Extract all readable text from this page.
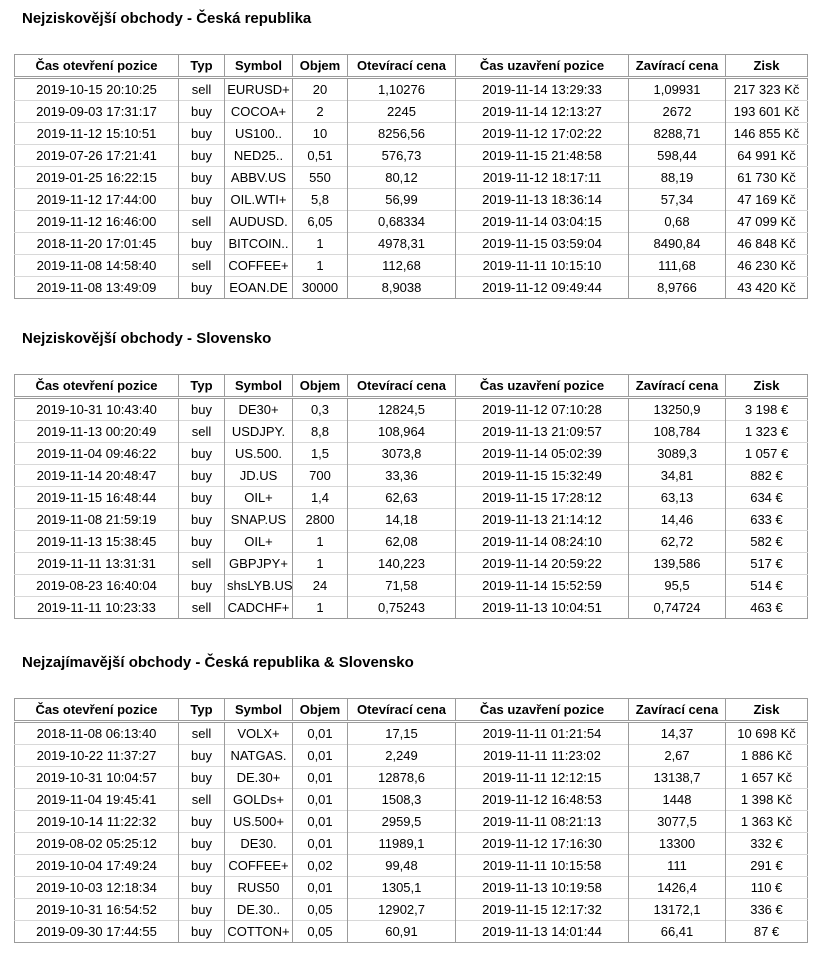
Nejziskovější obchody - Česká republika
Čas otevření pozice	Typ	Symbol	Objem	Otevírací cena	Čas uzavření pozice	Zavírací cena	Zisk
2019-10-15 20:10:25	sell	EURUSD+	20	1,10276	2019-11-14 13:29:33	1,09931	217 323 Kč
2019-09-03 17:31:17	buy	COCOA+	2	2245	2019-11-14 12:13:27	2672	193 601 Kč
2019-11-12 15:10:51	buy	US100..	10	8256,56	2019-11-12 17:02:22	8288,71	146 855 Kč
2019-07-26 17:21:41	buy	NED25..	0,51	576,73	2019-11-15 21:48:58	598,44	64 991 Kč
2019-01-25 16:22:15	buy	ABBV.US	550	80,12	2019-11-12 18:17:11	88,19	61 730 Kč
2019-11-12 17:44:00	buy	OIL.WTI+	5,8	56,99	2019-11-13 18:36:14	57,34	47 169 Kč
2019-11-12 16:46:00	sell	AUDUSD.	6,05	0,68334	2019-11-14 03:04:15	0,68	47 099 Kč
2018-11-20 17:01:45	buy	BITCOIN..	1	4978,31	2019-11-15 03:59:04	8490,84	46 848 Kč
2019-11-08 14:58:40	sell	COFFEE+	1	112,68	2019-11-11 10:15:10	111,68	46 230 Kč
2019-11-08 13:49:09	buy	EOAN.DE	30000	8,9038	2019-11-12 09:49:44	8,9766	43 420 Kč
Nejziskovější obchody - Slovensko
Čas otevření pozice	Typ	Symbol	Objem	Otevírací cena	Čas uzavření pozice	Zavírací cena	Zisk
2019-10-31 10:43:40	buy	DE30+	0,3	12824,5	2019-11-12 07:10:28	13250,9	3 198 €
2019-11-13 00:20:49	sell	USDJPY.	8,8	108,964	2019-11-13 21:09:57	108,784	1 323 €
2019-11-04 09:46:22	buy	US.500.	1,5	3073,8	2019-11-14 05:02:39	3089,3	1 057 €
2019-11-14 20:48:47	buy	JD.US	700	33,36	2019-11-15 15:32:49	34,81	882 €
2019-11-15 16:48:44	buy	OIL+	1,4	62,63	2019-11-15 17:28:12	63,13	634 €
2019-11-08 21:59:19	buy	SNAP.US	2800	14,18	2019-11-13 21:14:12	14,46	633 €
2019-11-13 15:38:45	buy	OIL+	1	62,08	2019-11-14 08:24:10	62,72	582 €
2019-11-11 13:31:31	sell	GBPJPY+	1	140,223	2019-11-14 20:59:22	139,586	517 €
2019-08-23 16:40:04	buy	shsLYB.US	24	71,58	2019-11-14 15:52:59	95,5	514 €
2019-11-11 10:23:33	sell	CADCHF+	1	0,75243	2019-11-13 10:04:51	0,74724	463 €
Nejzajímavější obchody - Česká republika & Slovensko
Čas otevření pozice	Typ	Symbol	Objem	Otevírací cena	Čas uzavření pozice	Zavírací cena	Zisk
2018-11-08 06:13:40	sell	VOLX+	0,01	17,15	2019-11-11 01:21:54	14,37	10 698 Kč
2019-10-22 11:37:27	buy	NATGAS.	0,01	2,249	2019-11-11 11:23:02	2,67	1 886 Kč
2019-10-31 10:04:57	buy	DE.30+	0,01	12878,6	2019-11-11 12:12:15	13138,7	1 657 Kč
2019-11-04 19:45:41	sell	GOLDs+	0,01	1508,3	2019-11-12 16:48:53	1448	1 398 Kč
2019-10-14 11:22:32	buy	US.500+	0,01	2959,5	2019-11-11 08:21:13	3077,5	1 363 Kč
2019-08-02 05:25:12	buy	DE30.	0,01	11989,1	2019-11-12 17:16:30	13300	332 €
2019-10-04 17:49:24	buy	COFFEE+	0,02	99,48	2019-11-11 10:15:58	111	291 €
2019-10-03 12:18:34	buy	RUS50	0,01	1305,1	2019-11-13 10:19:58	1426,4	110 €
2019-10-31 16:54:52	buy	DE.30..	0,05	12902,7	2019-11-15 12:17:32	13172,1	336 €
2019-09-30 17:44:55	buy	COTTON+	0,05	60,91	2019-11-13 14:01:44	66,41	87 €
